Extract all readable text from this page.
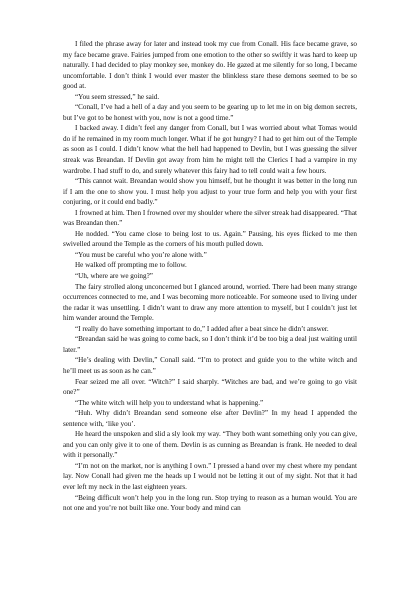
I filed the phrase away for later and instead took my cue from Conall. His face became grave, so my face became grave. Fairies jumped from one emotion to the other so swiftly it was hard to keep up naturally. I had decided to play monkey see, monkey do. He gazed at me silently for so long, I became uncomfortable. I don’t think I would ever master the blinkless stare these demons seemed to be so good at.

“You seem stressed,” he said.

“Conall, I’ve had a hell of a day and you seem to be gearing up to let me in on big demon secrets, but I’ve got to be honest with you, now is not a good time.”

I backed away. I didn’t feel any danger from Conall, but I was worried about what Tomas would do if he remained in my room much longer. What if he got hungry? I had to get him out of the Temple as soon as I could. I didn’t know what the hell had happened to Devlin, but I was guessing the silver streak was Breandan. If Devlin got away from him he might tell the Clerics I had a vampire in my wardrobe. I had stuff to do, and surely whatever this fairy had to tell could wait a few hours.

“This cannot wait. Breandan would show you himself, but he thought it was better in the long run if I am the one to show you. I must help you adjust to your true form and help you with your first conjuring, or it could end badly.”

I frowned at him. Then I frowned over my shoulder where the silver streak had disappeared. “That was Breandan then.”

He nodded. “You came close to being lost to us. Again.” Pausing, his eyes flicked to me then swivelled around the Temple as the corners of his mouth pulled down.

“You must be careful who you’re alone with.”

He walked off prompting me to follow.

“Uh, where are we going?”

The fairy strolled along unconcerned but I glanced around, worried. There had been many strange occurrences connected to me, and I was becoming more noticeable. For someone used to living under the radar it was unsettling. I didn’t want to draw any more attention to myself, but I couldn’t just let him wander around the Temple.

“I really do have something important to do,” I added after a beat since he didn’t answer.

“Breandan said he was going to come back, so I don’t think it’d be too big a deal just waiting until later.”

“He’s dealing with Devlin,” Conall said. “I’m to protect and guide you to the white witch and he’ll meet us as soon as he can.”

Fear seized me all over. “Witch?” I said sharply. “Witches are bad, and we’re going to go visit one?”

“The white witch will help you to understand what is happening.”

“Huh. Why didn’t Breandan send someone else after Devlin?” In my head I appended the sentence with, ‘like you’.

He heard the unspoken and slid a sly look my way. “They both want something only you can give, and you can only give it to one of them. Devlin is as cunning as Breandan is frank. He needed to deal with it personally.”

“I’m not on the market, nor is anything I own.” I pressed a hand over my chest where my pendant lay. Now Conall had given me the heads up I would not be letting it out of my sight. Not that it had ever left my neck in the last eighteen years.

“Being difficult won’t help you in the long run. Stop trying to reason as a human would. You are not one and you’re not built like one. Your body and mind can
